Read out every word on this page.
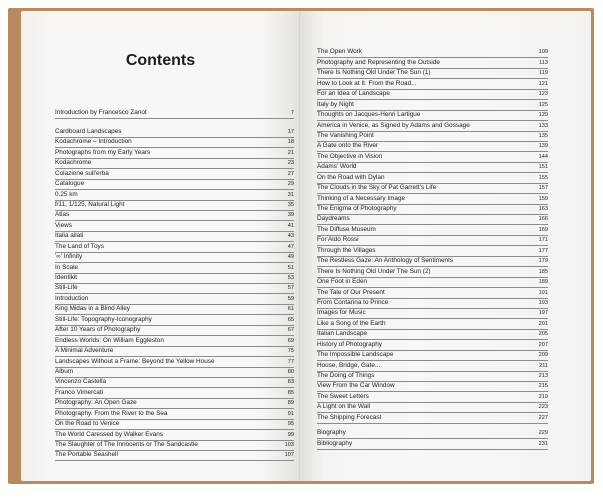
Contents
Introduction by Francesco Zanot	7
Cardboard Landscapes	17
Kodachrome – Introduction	18
Photographs from my Early Years	21
Kodachrome	23
Colazione sull'erba	27
Catalogue	29
0.25 km	31
f/11, 1/125, Natural Light	35
Atlas	39
Views	41
Italia ailati	43
The Land of Toys	47
'∞' Infinity	49
In Scale	51
Identikit	53
Still-Life	57
Introduction	59
King Midas in a Blind Alley	61
Still-Life: Topography-Iconography	65
After 10 Years of Photography	67
Endless Worlds: On William Eggleston	69
A Minimal Adventure	75
Landscapes Without a Frame: Beyond the Yellow House	77
Album	80
Vincenzo Castella	83
Franco Vimercati	85
Photography: An Open Gaze	89
Photography. From the River to the Sea	91
On the Road to Venice	95
The World Caressed by Walker Evans	99
The Slaughter of The Innocents or The Sandcastle	103
The Portable Seashell	107
The Open Work	109
Photography and Representing the Outside	113
There Is Nothing Old Under The Sun (1)	119
How to Look at It. From the Road...	121
For an Idea of Landscape	123
Italy by Night	125
Thoughts on Jacques-Henri Lartigue	129
America in Venice, as Signed by Adams and Gossage	133
The Vanishing Point	135
A Gate onto the River	139
The Objective in Vision	144
Adams' World	151
On the Road with Dylan	155
The Clouds in the Sky of Pat Garrett's Life	157
Thinking of a Necessary Image	159
The Enigma of Photography	163
Daydreams	166
The Diffuse Museum	169
For Aldo Rossi	171
Through the Villages	177
The Restless Gaze: An Anthology of Sentiments	179
There Is Nothing Old Under The Sun (2)	185
One Foot in Eden	189
The Tale of Our Present	191
From Contarina to Prince	193
Images for Music	197
Like a Song of the Earth	201
Italian Landscape	205
History of Photography	207
The Impossible Landscape	209
House, Bridge, Gate...	211
The Doing of Things	213
View From the Car Window	215
The Sweet Letters	219
A Light on the Wall	223
The Shipping Forecast	227
Biography	229
Bibliography	231
